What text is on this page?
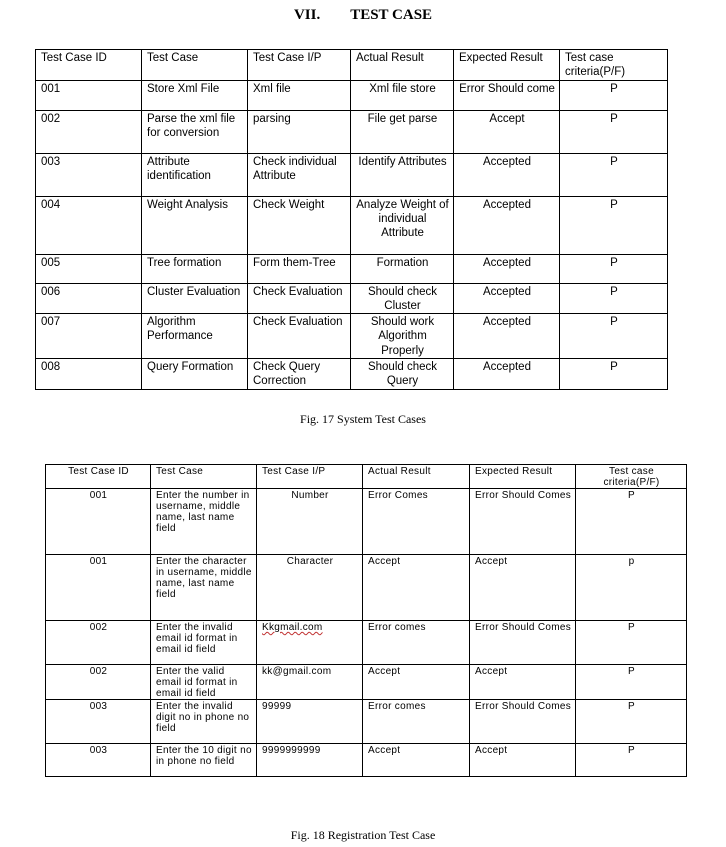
VII. TEST CASE
Test Case ID	Test Case	Test Case I/P	Actual Result	Expected Result	Test case criteria(P/F)
001	Store Xml File	Xml file	Xml file store	Error Should come	P
002	Parse the xml file for conversion	parsing	File get parse	Accept	P
003	Attribute identification	Check individual Attribute	Identify Attributes	Accepted	P
004	Weight Analysis	Check Weight	Analyze Weight of individual Attribute	Accepted	P
005	Tree formation	Form them-Tree	Formation	Accepted	P
006	Cluster Evaluation	Check Evaluation	Should check Cluster	Accepted	P
007	Algorithm Performance	Check Evaluation	Should work Algorithm Properly	Accepted	P
008	Query Formation	Check Query Correction	Should check Query	Accepted	P
Fig. 17 System Test Cases
Test Case ID	Test Case	Test Case I/P	Actual Result	Expected Result	Test case criteria(P/F)
001	Enter the number in username, middle name, last name field	Number	Error Comes	Error Should Comes	P
001	Enter the character in username, middle name, last name field	Character	Accept	Accept	p
002	Enter the invalid email id format in email id field	Kkgmail.com	Error comes	Error Should Comes	P
002	Enter the valid email id format in email id field	kk@gmail.com	Accept	Accept	P
003	Enter the invalid digit no in phone no field	99999	Error comes	Error Should Comes	P
003	Enter the 10 digit no in phone no field	9999999999	Accept	Accept	P
Fig. 18 Registration Test Case
